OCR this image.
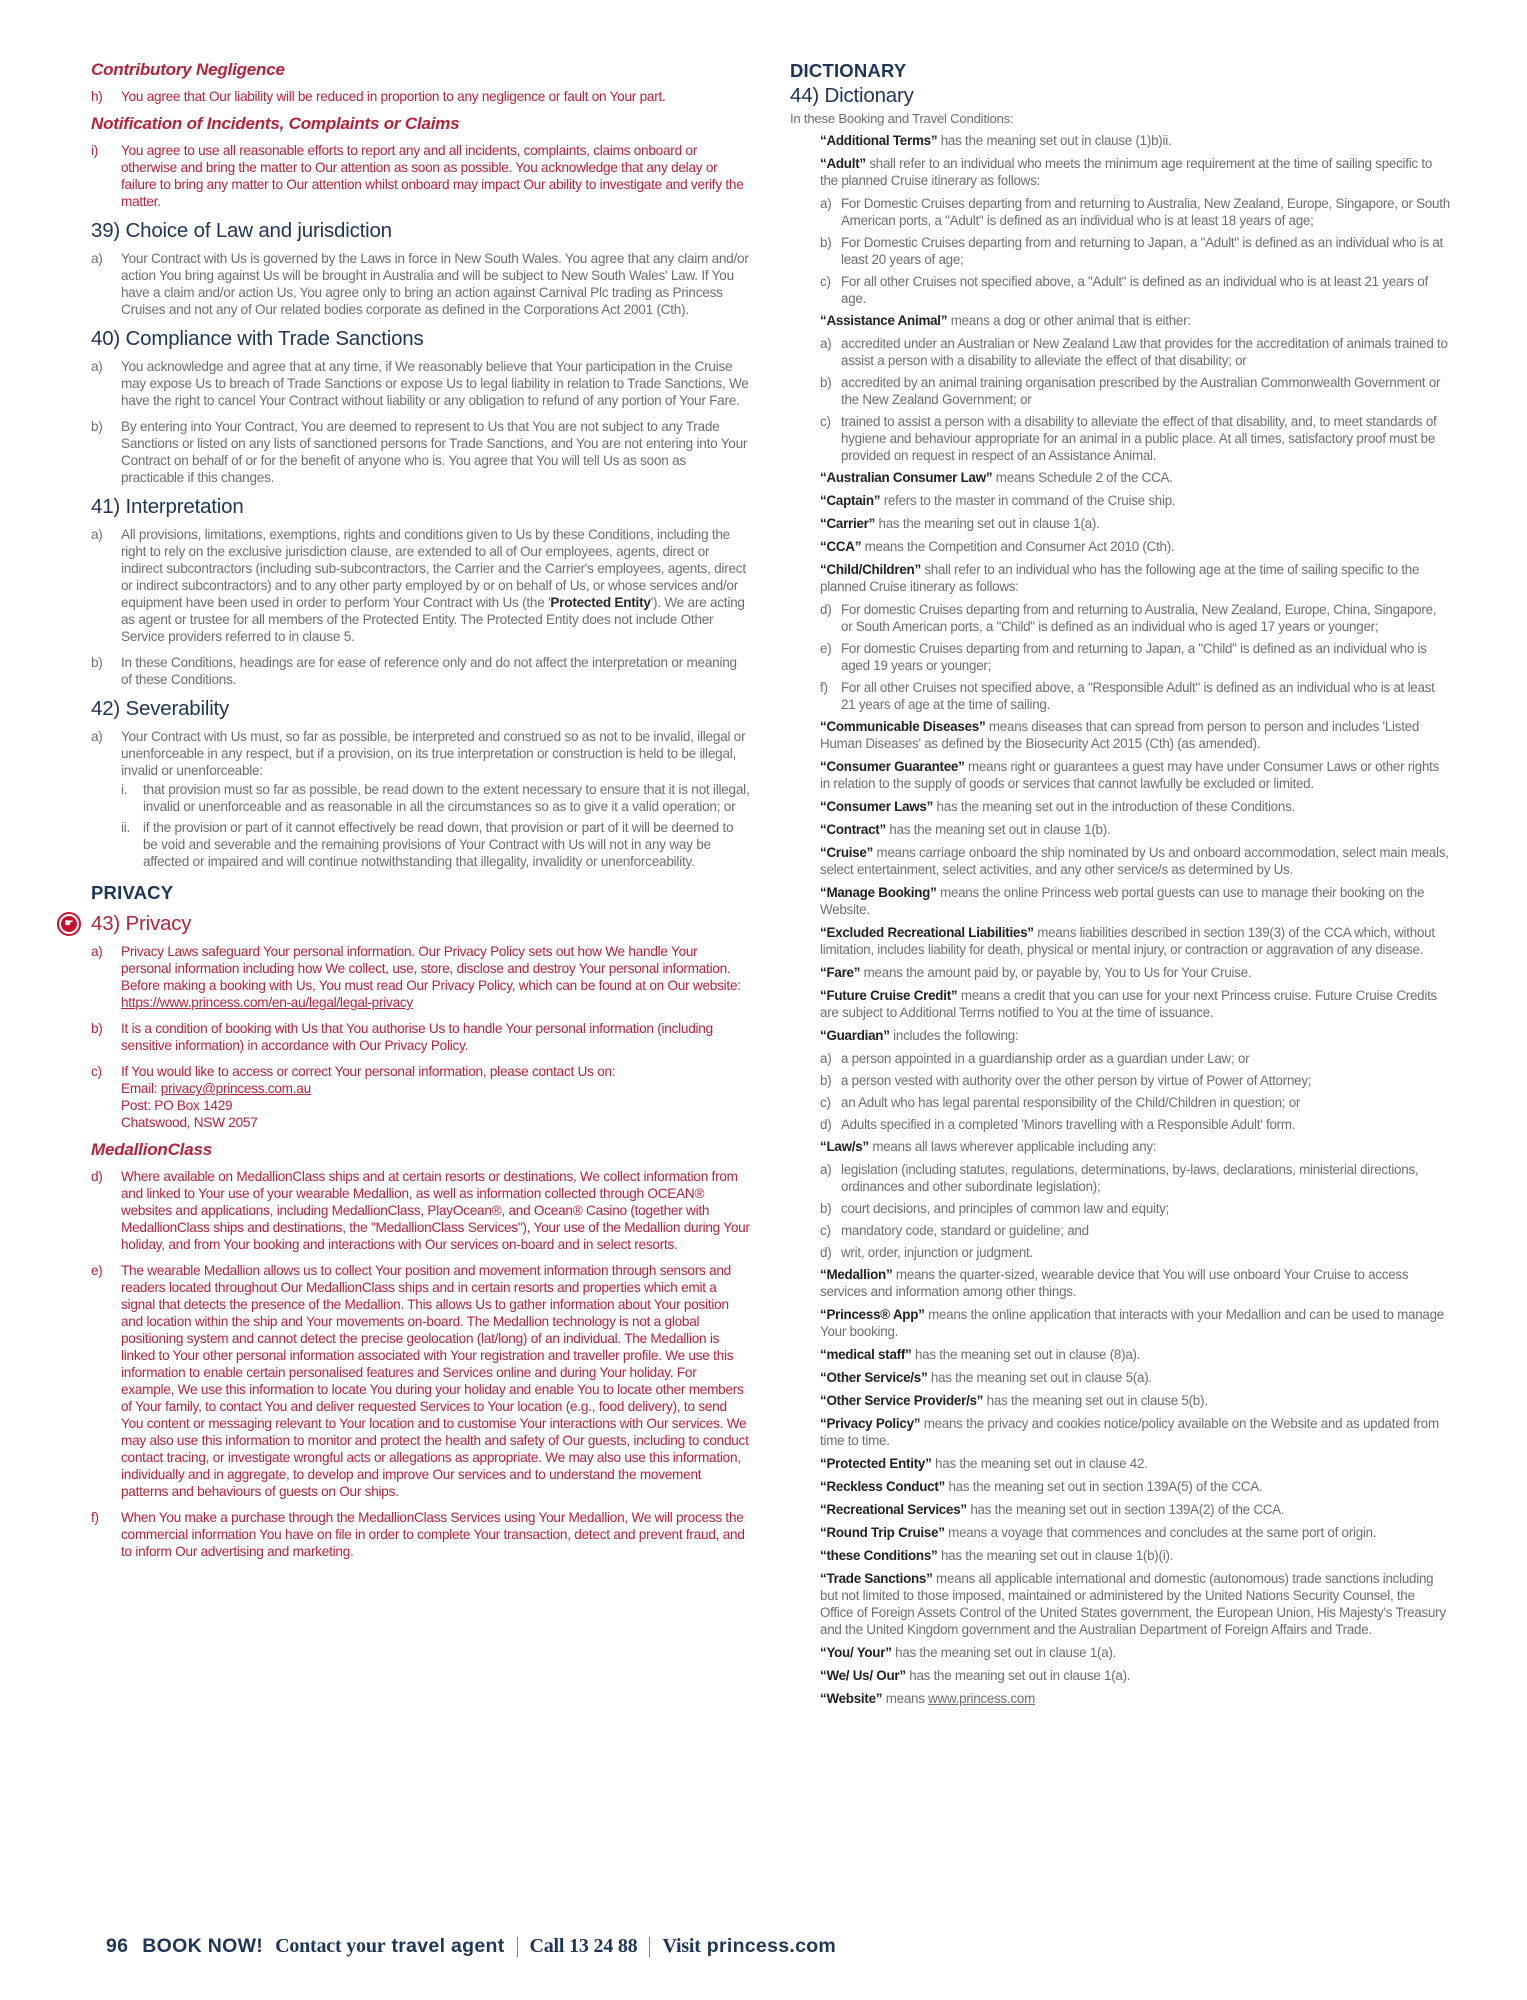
Contributory Negligence
h)	You agree that Our liability will be reduced in proportion to any negligence or fault on Your part.
Notification of Incidents, Complaints or Claims
i)	You agree to use all reasonable efforts to report any and all incidents, complaints, claims onboard or otherwise and bring the matter to Our attention as soon as possible. You acknowledge that any delay or failure to bring any matter to Our attention whilst onboard may impact Our ability to investigate and verify the matter.
39) Choice of Law and jurisdiction
a)	Your Contract with Us is governed by the Laws in force in New South Wales. You agree that any claim and/or action You bring against Us will be brought in Australia and will be subject to New South Wales' Law. If You have a claim and/or action Us, You agree only to bring an action against Carnival Plc trading as Princess Cruises and not any of Our related bodies corporate as defined in the Corporations Act 2001 (Cth).
40) Compliance with Trade Sanctions
a)	You acknowledge and agree that at any time, if We reasonably believe that Your participation in the Cruise may expose Us to breach of Trade Sanctions or expose Us to legal liability in relation to Trade Sanctions, We have the right to cancel Your Contract without liability or any obligation to refund of any portion of Your Fare.
b)	By entering into Your Contract, You are deemed to represent to Us that You are not subject to any Trade Sanctions or listed on any lists of sanctioned persons for Trade Sanctions, and You are not entering into Your Contract on behalf of or for the benefit of anyone who is. You agree that You will tell Us as soon as practicable if this changes.
41) Interpretation
a)	All provisions, limitations, exemptions, rights and conditions given to Us by these Conditions, including the right to rely on the exclusive jurisdiction clause, are extended to all of Our employees, agents, direct or indirect subcontractors (including sub-subcontractors, the Carrier and the Carrier's employees, agents, direct or indirect subcontractors) and to any other party employed by or on behalf of Us, or whose services and/or equipment have been used in order to perform Your Contract with Us (the 'Protected Entity'). We are acting as agent or trustee for all members of the Protected Entity. The Protected Entity does not include Other Service providers referred to in clause 5.
b)	In these Conditions, headings are for ease of reference only and do not affect the interpretation or meaning of these Conditions.
42) Severability
a)	Your Contract with Us must, so far as possible, be interpreted and construed so as not to be invalid, illegal or unenforceable in any respect, but if a provision, on its true interpretation or construction is held to be illegal, invalid or unenforceable:
i.	that provision must so far as possible, be read down to the extent necessary to ensure that it is not illegal, invalid or unenforceable and as reasonable in all the circumstances so as to give it a valid operation; or
ii. if the provision or part of it cannot effectively be read down, that provision or part of it will be deemed to be void and severable and the remaining provisions of Your Contract with Us will not in any way be affected or impaired and will continue notwithstanding that illegality, invalidity or unenforceability.
PRIVACY
☛ 43) Privacy
a)	Privacy Laws safeguard Your personal information. Our Privacy Policy sets out how We handle Your personal information including how We collect, use, store, disclose and destroy Your personal information. Before making a booking with Us, You must read Our Privacy Policy, which can be found at on Our website: https://www.princess.com/en-au/legal/legal-privacy
b)	It is a condition of booking with Us that You authorise Us to handle Your personal information (including sensitive information) in accordance with Our Privacy Policy.
c)	If You would like to access or correct Your personal information, please contact Us on:
Email: privacy@princess.com.au
Post: PO Box 1429
Chatswood, NSW 2057
MedallionClass
d)	Where available on MedallionClass ships and at certain resorts or destinations, We collect information from and linked to Your use of your wearable Medallion, as well as information collected through OCEAN® websites and applications, including MedallionClass, PlayOcean®, and Ocean® Casino (together with MedallionClass ships and destinations, the "MedallionClass Services"), Your use of the Medallion during Your holiday, and from Your booking and interactions with Our services on-board and in select resorts.
e)	The wearable Medallion allows us to collect Your position and movement information through sensors and readers located throughout Our MedallionClass ships and in certain resorts and properties which emit a signal that detects the presence of the Medallion. This allows Us to gather information about Your position and location within the ship and Your movements on-board. The Medallion technology is not a global positioning system and cannot detect the precise geolocation (lat/long) of an individual. The Medallion is linked to Your other personal information associated with Your registration and traveller profile. We use this information to enable certain personalised features and Services online and during Your holiday. For example, We use this information to locate You during your holiday and enable You to locate other members of Your family, to contact You and deliver requested Services to Your location (e.g., food delivery), to send You content or messaging relevant to Your location and to customise Your interactions with Our services. We may also use this information to monitor and protect the health and safety of Our guests, including to conduct contact tracing, or investigate wrongful acts or allegations as appropriate. We may also use this information, individually and in aggregate, to develop and improve Our services and to understand the movement patterns and behaviours of guests on Our ships.
f)	When You make a purchase through the MedallionClass Services using Your Medallion, We will process the commercial information You have on file in order to complete Your transaction, detect and prevent fraud, and to inform Our advertising and marketing.
DICTIONARY
44) Dictionary

In these Booking and Travel Conditions:

“Additional Terms” has the meaning set out in clause (1)b)ii.

“Adult” shall refer to an individual who meets the minimum age requirement at the time of sailing specific to the planned Cruise itinerary as follows:

a) For Domestic Cruises departing from and returning to Australia, New Zealand, Europe, Singapore, or South American ports, a "Adult" is defined as an individual who is at least 18 years of age;
b) For Domestic Cruises departing from and returning to Japan, a "Adult" is defined as an individual who is at least 20 years of age;
c) For all other Cruises not specified above, a "Adult" is defined as an individual who is at least 21 years of age.

“Assistance Animal” means a dog or other animal that is either:

a) accredited under an Australian or New Zealand Law that provides for the accreditation of animals trained to assist a person with a disability to alleviate the effect of that disability; or
b) accredited by an animal training organisation prescribed by the Australian Commonwealth Government or the New Zealand Government; or
c) trained to assist a person with a disability to alleviate the effect of that disability, and, to meet standards of hygiene and behaviour appropriate for an animal in a public place. At all times, satisfactory proof must be provided on request in respect of an Assistance Animal.

“Australian Consumer Law” means Schedule 2 of the CCA.

“Captain” refers to the master in command of the Cruise ship.

“Carrier” has the meaning set out in clause 1(a).

“CCA” means the Competition and Consumer Act 2010 (Cth).

“Child/Children” shall refer to an individual who has the following age at the time of sailing specific to the planned Cruise itinerary as follows:

d) For domestic Cruises departing from and returning to Australia, New Zealand, Europe, China, Singapore, or South American ports, a "Child" is defined as an individual who is aged 17 years or younger;
e) For domestic Cruises departing from and returning to Japan, a "Child" is defined as an individual who is aged 19 years or younger;
f) For all other Cruises not specified above, a "Responsible Adult" is defined as an individual who is at least 21 years of age at the time of sailing.

“Communicable Diseases” means diseases that can spread from person to person and includes 'Listed Human Diseases' as defined by the Biosecurity Act 2015 (Cth) (as amended).

“Consumer Guarantee” means right or guarantees a guest may have under Consumer Laws or other rights in relation to the supply of goods or services that cannot lawfully be excluded or limited.

“Consumer Laws” has the meaning set out in the introduction of these Conditions.

“Contract” has the meaning set out in clause 1(b).

“Cruise” means carriage onboard the ship nominated by Us and onboard accommodation, select main meals, select entertainment, select activities, and any other service/s as determined by Us.

“Manage Booking” means the online Princess web portal guests can use to manage their booking on the Website.

“Excluded Recreational Liabilities” means liabilities described in section 139(3) of the CCA which, without limitation, includes liability for death, physical or mental injury, or contraction or aggravation of any disease.

“Fare” means the amount paid by, or payable by, You to Us for Your Cruise.

“Future Cruise Credit” means a credit that you can use for your next Princess cruise. Future Cruise Credits are subject to Additional Terms notified to You at the time of issuance.

“Guardian” includes the following:

a) a person appointed in a guardianship order as a guardian under Law; or
b) a person vested with authority over the other person by virtue of Power of Attorney;
c) an Adult who has legal parental responsibility of the Child/Children in question; or
d) Adults specified in a completed 'Minors travelling with a Responsible Adult' form.

“Law/s” means all laws wherever applicable including any:

a) legislation (including statutes, regulations, determinations, by-laws, declarations, ministerial directions, ordinances and other subordinate legislation);
b) court decisions, and principles of common law and equity;
c) mandatory code, standard or guideline; and
d) writ, order, injunction or judgment.

“Medallion” means the quarter-sized, wearable device that You will use onboard Your Cruise to access services and information among other things.

“Princess® App” means the online application that interacts with your Medallion and can be used to manage Your booking.

“medical staff” has the meaning set out in clause (8)a).

“Other Service/s” has the meaning set out in clause 5(a).

“Other Service Provider/s” has the meaning set out in clause 5(b).

“Privacy Policy” means the privacy and cookies notice/policy available on the Website and as updated from time to time.

“Protected Entity” has the meaning set out in clause 42.

“Reckless Conduct” has the meaning set out in section 139A(5) of the CCA.

“Recreational Services” has the meaning set out in section 139A(2) of the CCA.

“Round Trip Cruise” means a voyage that commences and concludes at the same port of origin.

“these Conditions” has the meaning set out in clause 1(b)(i).

“Trade Sanctions” means all applicable international and domestic (autonomous) trade sanctions including but not limited to those imposed, maintained or administered by the United Nations Security Counsel, the Office of Foreign Assets Control of the United States government, the European Union, His Majesty's Treasury and the United Kingdom government and the Australian Department of Foreign Affairs and Trade.

“You/ Your” has the meaning set out in clause 1(a).

“We/ Us/ Our” has the meaning set out in clause 1(a).

“Website” means www.princess.com

96 BOOK NOW! Contact your travel agent Call 13 24 88 Visit princess.com
